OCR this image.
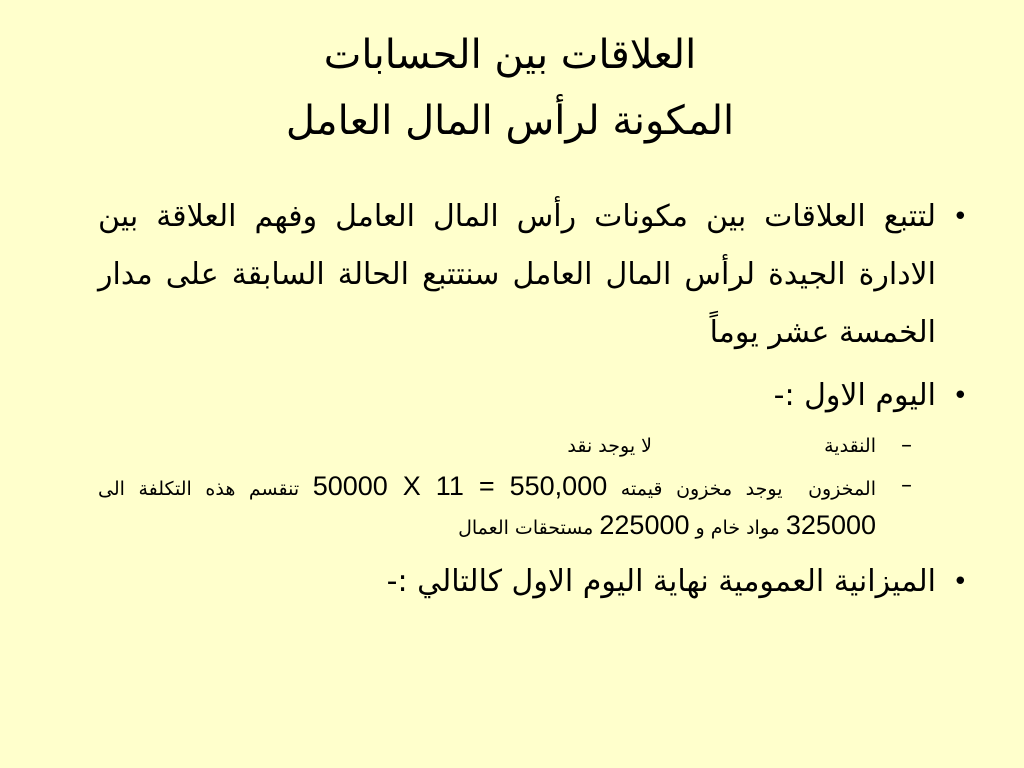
العلاقات بين الحسابات
المكونة لرأس المال العامل
•
لتتبع العلاقات بين مكونات رأس المال العامل وفهم العلاقة بين الادارة الجيدة لرأس المال العامل سنتتبع الحالة السابقة على مدار الخمسة عشر يوماً
•
اليوم الاول :-
–
النقدية
لا يوجد نقد
–
المخزون يوجد مخزون قيمته 50000 X 11 = 550,000 تنقسم هذه التكلفة الى 325000 مواد خام و 225000 مستحقات العمال
•
الميزانية العمومية نهاية اليوم الاول كالتالي :-
